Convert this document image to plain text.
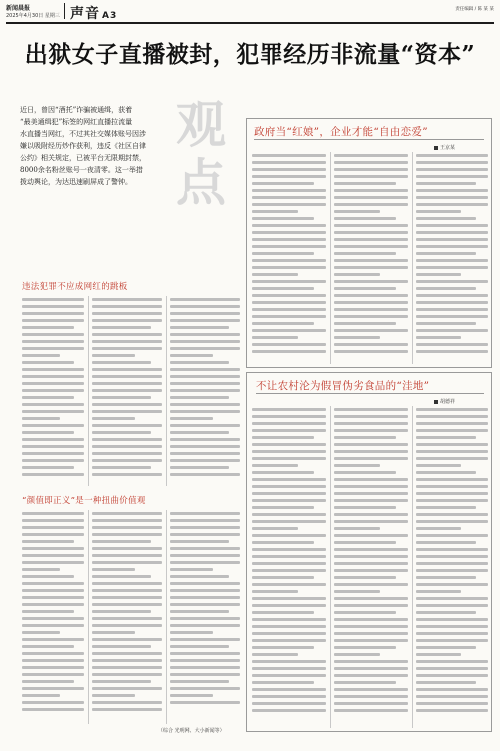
新闻晨报
2025年4月30日 星期三 声音 A3
责任编辑 / 陈 某 某
出狱女子直播被封，犯罪经历非流量“资本”
近日，曾因“酒托”诈骗被通缉，获着
“最美通缉犯”标签的网红直播拉流量
水直播当网红，不过其社交媒体账号因涉
嫌以吸附经历炒作获利，违反《社区自律
公约》相关规定，已被平台无限期封禁，
8000余名粉丝账号一夜清零。这一举措
拨动舆论，为达迅速刷屏成了警钟。
观
点
政府当“红娘”，企业才能“自由恋爱”
王京某
不让农村沦为假冒伪劣食品的“洼地”
胡德祥
违法犯罪不应成网红的跳板
“颜值即正义”是一种扭曲价值观
（综合 光明网、大小新闻等）
